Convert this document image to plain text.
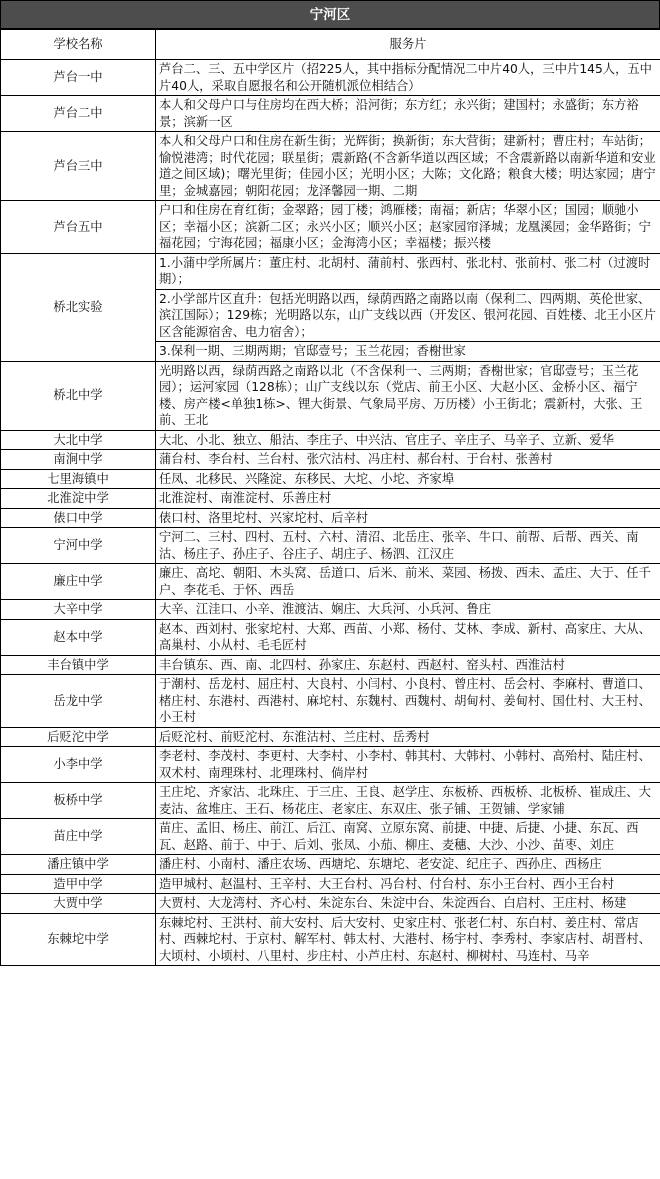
宁河区
学校名称	服务片
芦台一中	芦台二、三、五中学区片（招225人，其中指标分配情况二中片40人，三中片145人，五中片40人，采取自愿报名和公开随机派位相结合）
芦台二中	本人和父母户口与住房均在西大桥；沿河街；东方红；永兴街；建国村；永盛街；东方裕景；滨新一区
芦台三中	本人和父母户口和住房在新生街；光辉街；换新街；东大营街；建新村；曹庄村；车站街；愉悦港湾；时代花园；联星街；震新路(不含新华道以西区域；不含震新路以南新华道和安业道之间区域)；曙光里街；佳园小区；光明小区；大陈；文化路；粮食大楼；明达家园；唐宁里；金城嘉园；朝阳花园；龙泽馨园一期、二期
芦台五中	户口和住房在育红街；金翠路；园丁楼；鸿雁楼；南福；新店；华翠小区；国园；顺驰小区；幸福小区；滨新二区；永兴小区；顺兴小区；赵家园帘泽城；龙凰溪园；金华路街；宁福花园；宁海花园；福康小区；金海湾小区；幸福楼；振兴楼
桥北实验	1.小蒲中学所属片：董庄村、北胡村、蒲前村、张西村、张北村、张前村、张二村（过渡时期）；
2.小学部片区直升：包括光明路以西，绿荫西路之南路以南（保利二、四两期、英伦世家、滨江国际）；129栋；光明路以东，山广支线以西（开发区、银河花园、百姓楼、北王小区片区含能源宿舍、电力宿舍）；
3.保利一期、三期两期；官邸壹号；玉兰花园；香榭世家

桥北中学	光明路以西，绿荫西路之南路以北（不含保利一、三两期；香榭世家；官邸壹号；玉兰花园）；运河家园（128栋）；山广支线以东（党店、前王小区、大赵小区、金桥小区、福宁楼、房产楼<单独1栋>、锂大街景、气象局平房、万历楼）小王街北；震新村，大张、王前、王北
大北中学	大北、小北、独立、船沽、李庄子、中兴沽、官庄子、辛庄子、马辛子、立新、爱华
南涧中学	蒲台村、李台村、兰台村、张穴沽村、冯庄村、郝台村、于台村、张善村
七里海镇中	任凤、北移民、兴隆淀、东移民、大坨、小坨、齐家埠
北淮淀中学	北淮淀村、南淮淀村、乐善庄村
俵口中学	俵口村、洛里坨村、兴家坨村、后辛村
宁河中学	宁河二、三村、四村、五村、六村、清沼、北岳庄、张辛、牛口、前帮、后帮、西关、南沽、杨庄子、孙庄子、谷庄子、胡庄子、杨泗、江汉庄
廉庄中学	廉庄、高坨、朝阳、木头窝、岳道口、后米、前米、菜园、杨拨、西未、孟庄、大于、任千户、李花毛、于怀、西岳
大辛中学	大辛、江洼口、小辛、淮渡沽、娴庄、大兵河、小兵河、鲁庄
赵本中学	赵本、西刘村、张家坨村、大郑、西苗、小郑、杨付、艾林、李成、新村、高家庄、大从、高巢村、小从村、毛毛匠村
丰台镇中学	丰台镇东、西、南、北四村、孙家庄、东赵村、西赵村、窑头村、西淮沽村
岳龙中学	于潮村、岳龙村、屈庄村、大良村、小闫村、小良村、曾庄村、岳会村、李麻村、曹道口、楮庄村、东港村、西港村、麻坨村、东魏村、西魏村、胡甸村、姜甸村、国仕村、大王村、小王村
后贬沱中学	后贬沱村、前贬沱村、东淮沽村、兰庄村、岳秀村
小李中学	李老村、李茂村、李更村、大李村、小李村、韩其村、大韩村、小韩村、高殆村、陆庄村、双术村、南理珠村、北理珠村、倘岸村
板桥中学	王庄坨、齐家沽、北珠庄、于三庄、王良、赵学庄、东板桥、西板桥、北板桥、崔成庄、大麦沽、盆堆庄、王石、杨花庄、老家庄、东双庄、张子铺、王贺铺、学家铺
苗庄中学	苗庄、孟旧、杨庄、前江、后江、南窝、立原东窝、前捷、中捷、后捷、小捷、东瓦、西瓦、赵路、前于、中于、后刘、张凤、小茄、柳庄、麦穗、大沙、小沙、苗枣、刘庄
潘庄镇中学	潘庄村、小南村、潘庄农场、西塘坨、东塘坨、老安淀、纪庄子、西孙庄、西杨庄
造甲中学	造甲城村、赵温村、王辛村、大王台村、冯台村、付台村、东小王台村、西小王台村
大贾中学	大贾村、大龙湾村、齐心村、朱淀东台、朱淀中台、朱淀西台、白启村、王庄村、杨建
东棘坨中学	东棘坨村、王洪村、前大安村、后大安村、史家庄村、张老仁村、东白村、姜庄村、常店村、西棘坨村、于京村、解军村、韩太村、大港村、杨宇村、李秀村、李家店村、胡晋村、大顷村、小顷村、八里村、步庄村、小芦庄村、东赵村、柳树村、马连村、马辛
